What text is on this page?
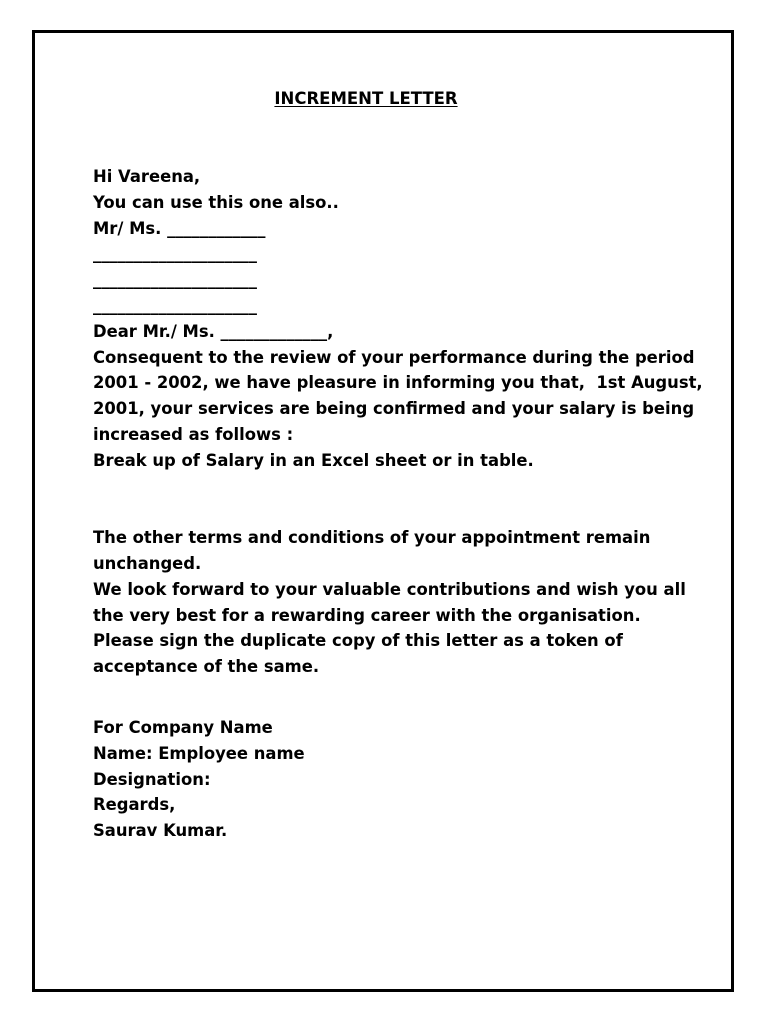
INCREMENT LETTER
Hi Vareena,
You can use this one also..
Mr/ Ms. ____________
____________________
____________________
____________________
Dear Mr./ Ms. _____________,
Consequent to the review of your performance during the period
2001 - 2002, we have pleasure in informing you that,  1st August,
2001, your services are being confirmed and your salary is being
increased as follows :
Break up of Salary in an Excel sheet or in table.
The other terms and conditions of your appointment remain
unchanged.
We look forward to your valuable contributions and wish you all
the very best for a rewarding career with the organisation.
Please sign the duplicate copy of this letter as a token of
acceptance of the same.
For Company Name
Name: Employee name
Designation:
Regards,
Saurav Kumar.
